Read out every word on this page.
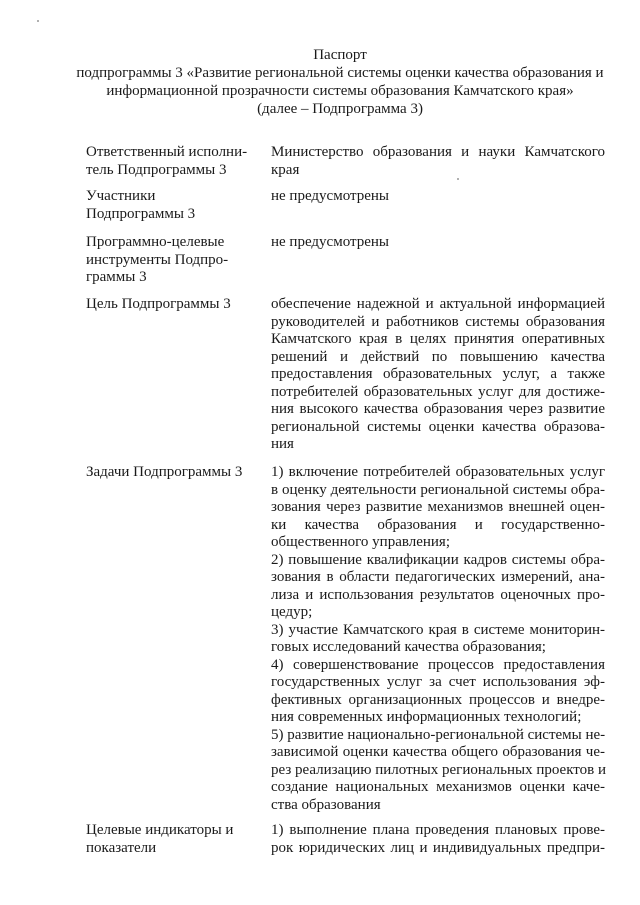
Паспорт
подпрограммы 3 «Развитие региональной системы оценки качества образования и
информационной прозрачности системы образования Камчатского края»
(далее – Подпрограмма 3)
Ответственный исполни-
тель Подпрограммы 3
Министерство образования и науки Камчатского
края
Участники
Подпрограммы 3
не предусмотрены
Программно-целевые
инструменты Подпро-
граммы 3
не предусмотрены
Цель Подпрограммы 3	обеспечение надежной и актуальной информацией
руководителей и работников системы образования
Камчатского края в целях принятия оперативных
решений и действий по повышению качества
предоставления образовательных услуг, а также
потребителей образовательных услуг для достиже-
ния высокого качества образования через развитие
региональной системы оценки качества образова-
ния
Задачи Подпрограммы 3	1) включение потребителей образовательных услуг
в оценку деятельности региональной системы обра-
зования через развитие механизмов внешней оцен-
ки качества образования и государственно-
общественного управления;
2) повышение квалификации кадров системы обра-
зования в области педагогических измерений, ана-
лиза и использования результатов оценочных про-
цедур;
3) участие Камчатского края в системе мониторин-
говых исследований качества образования;
4) совершенствование процессов предоставления
государственных услуг за счет использования эф-
фективных организационных процессов и внедре-
ния современных информационных технологий;
5) развитие национально-региональной системы не-
зависимой оценки качества общего образования че-
рез реализацию пилотных региональных проектов и
создание национальных механизмов оценки каче-
ства образования
Целевые индикаторы и
показатели
1) выполнение плана проведения плановых прове-
рок юридических лиц и индивидуальных предпри-
